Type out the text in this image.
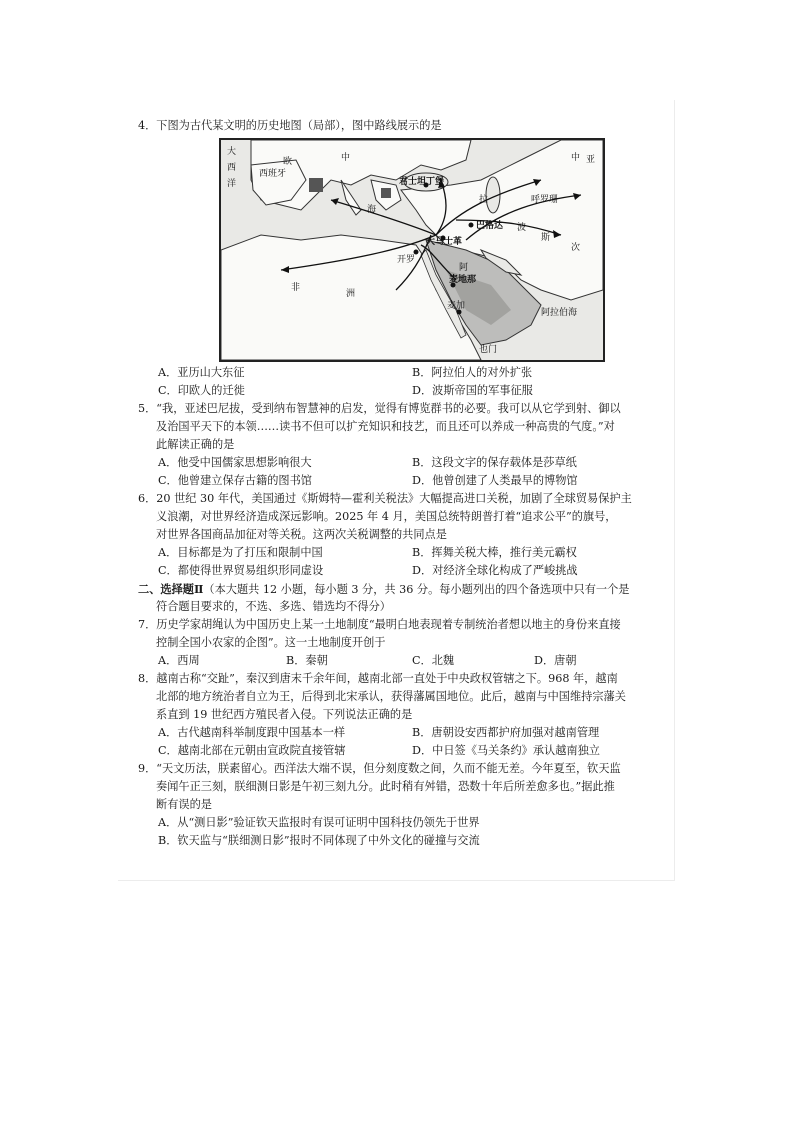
4．下图为古代某文明的历史地图（局部），图中路线展示的是
大
西
洋
欧
西班牙
中
海
君士坦丁堡
巴格达
大马士革
开罗
拉
波
斯
非
洲
阿
麦地那
麦加
呼罗珊
阿拉伯海
也门
中 亚
次
A．亚历山大东征	B．阿拉伯人的对外扩张
C．印欧人的迁徙	D．波斯帝国的军事征服
5．“我，亚述巴尼拔，受到纳布智慧神的启发，觉得有博览群书的必要。我可以从它学到射、御以
及治国平天下的本领……读书不但可以扩充知识和技艺，而且还可以养成一种高贵的气度。”对
此解读正确的是
A．他受中国儒家思想影响很大	B．这段文字的保存载体是莎草纸
C．他曾建立保存古籍的图书馆	D．他曾创建了人类最早的博物馆
6．20 世纪 30 年代，美国通过《斯姆特—霍利关税法》大幅提高进口关税，加剧了全球贸易保护主
义浪潮，对世界经济造成深远影响。2025 年 4 月，美国总统特朗普打着“追求公平”的旗号，
对世界各国商品加征对等关税。这两次关税调整的共同点是
A．目标都是为了打压和限制中国	B．挥舞关税大棒，推行美元霸权
C．都使得世界贸易组织形同虚设	D．对经济全球化构成了严峻挑战
二、选择题Ⅱ（本大题共 12 小题，每小题 3 分，共 36 分。每小题列出的四个备选项中只有一个是
符合题目要求的，不选、多选、错选均不得分）
7．历史学家胡绳认为中国历史上某一土地制度“最明白地表现着专制统治者想以地主的身份来直接
控制全国小农家的企图”。这一土地制度开创于
A．西周	B．秦朝	C．北魏	D．唐朝
8．越南古称“交趾”，秦汉到唐末千余年间，越南北部一直处于中央政权管辖之下。968 年，越南
北部的地方统治者自立为王，后得到北宋承认，获得藩属国地位。此后，越南与中国维持宗藩关
系直到 19 世纪西方殖民者入侵。下列说法正确的是
A．古代越南科举制度跟中国基本一样	B．唐朝设安西都护府加强对越南管理
C．越南北部在元朝由宣政院直接管辖	D．中日签《马关条约》承认越南独立
9．“天文历法，朕素留心。西洋法大端不误，但分刻度数之间，久而不能无差。今年夏至，钦天监
奏闻午正三刻，朕细测日影是午初三刻九分。此时稍有舛错，恐数十年后所差愈多也。”据此推
断有误的是
A．从“测日影”验证钦天监报时有误可证明中国科技仍领先于世界
B．钦天监与“朕细测日影”报时不同体现了中外文化的碰撞与交流
